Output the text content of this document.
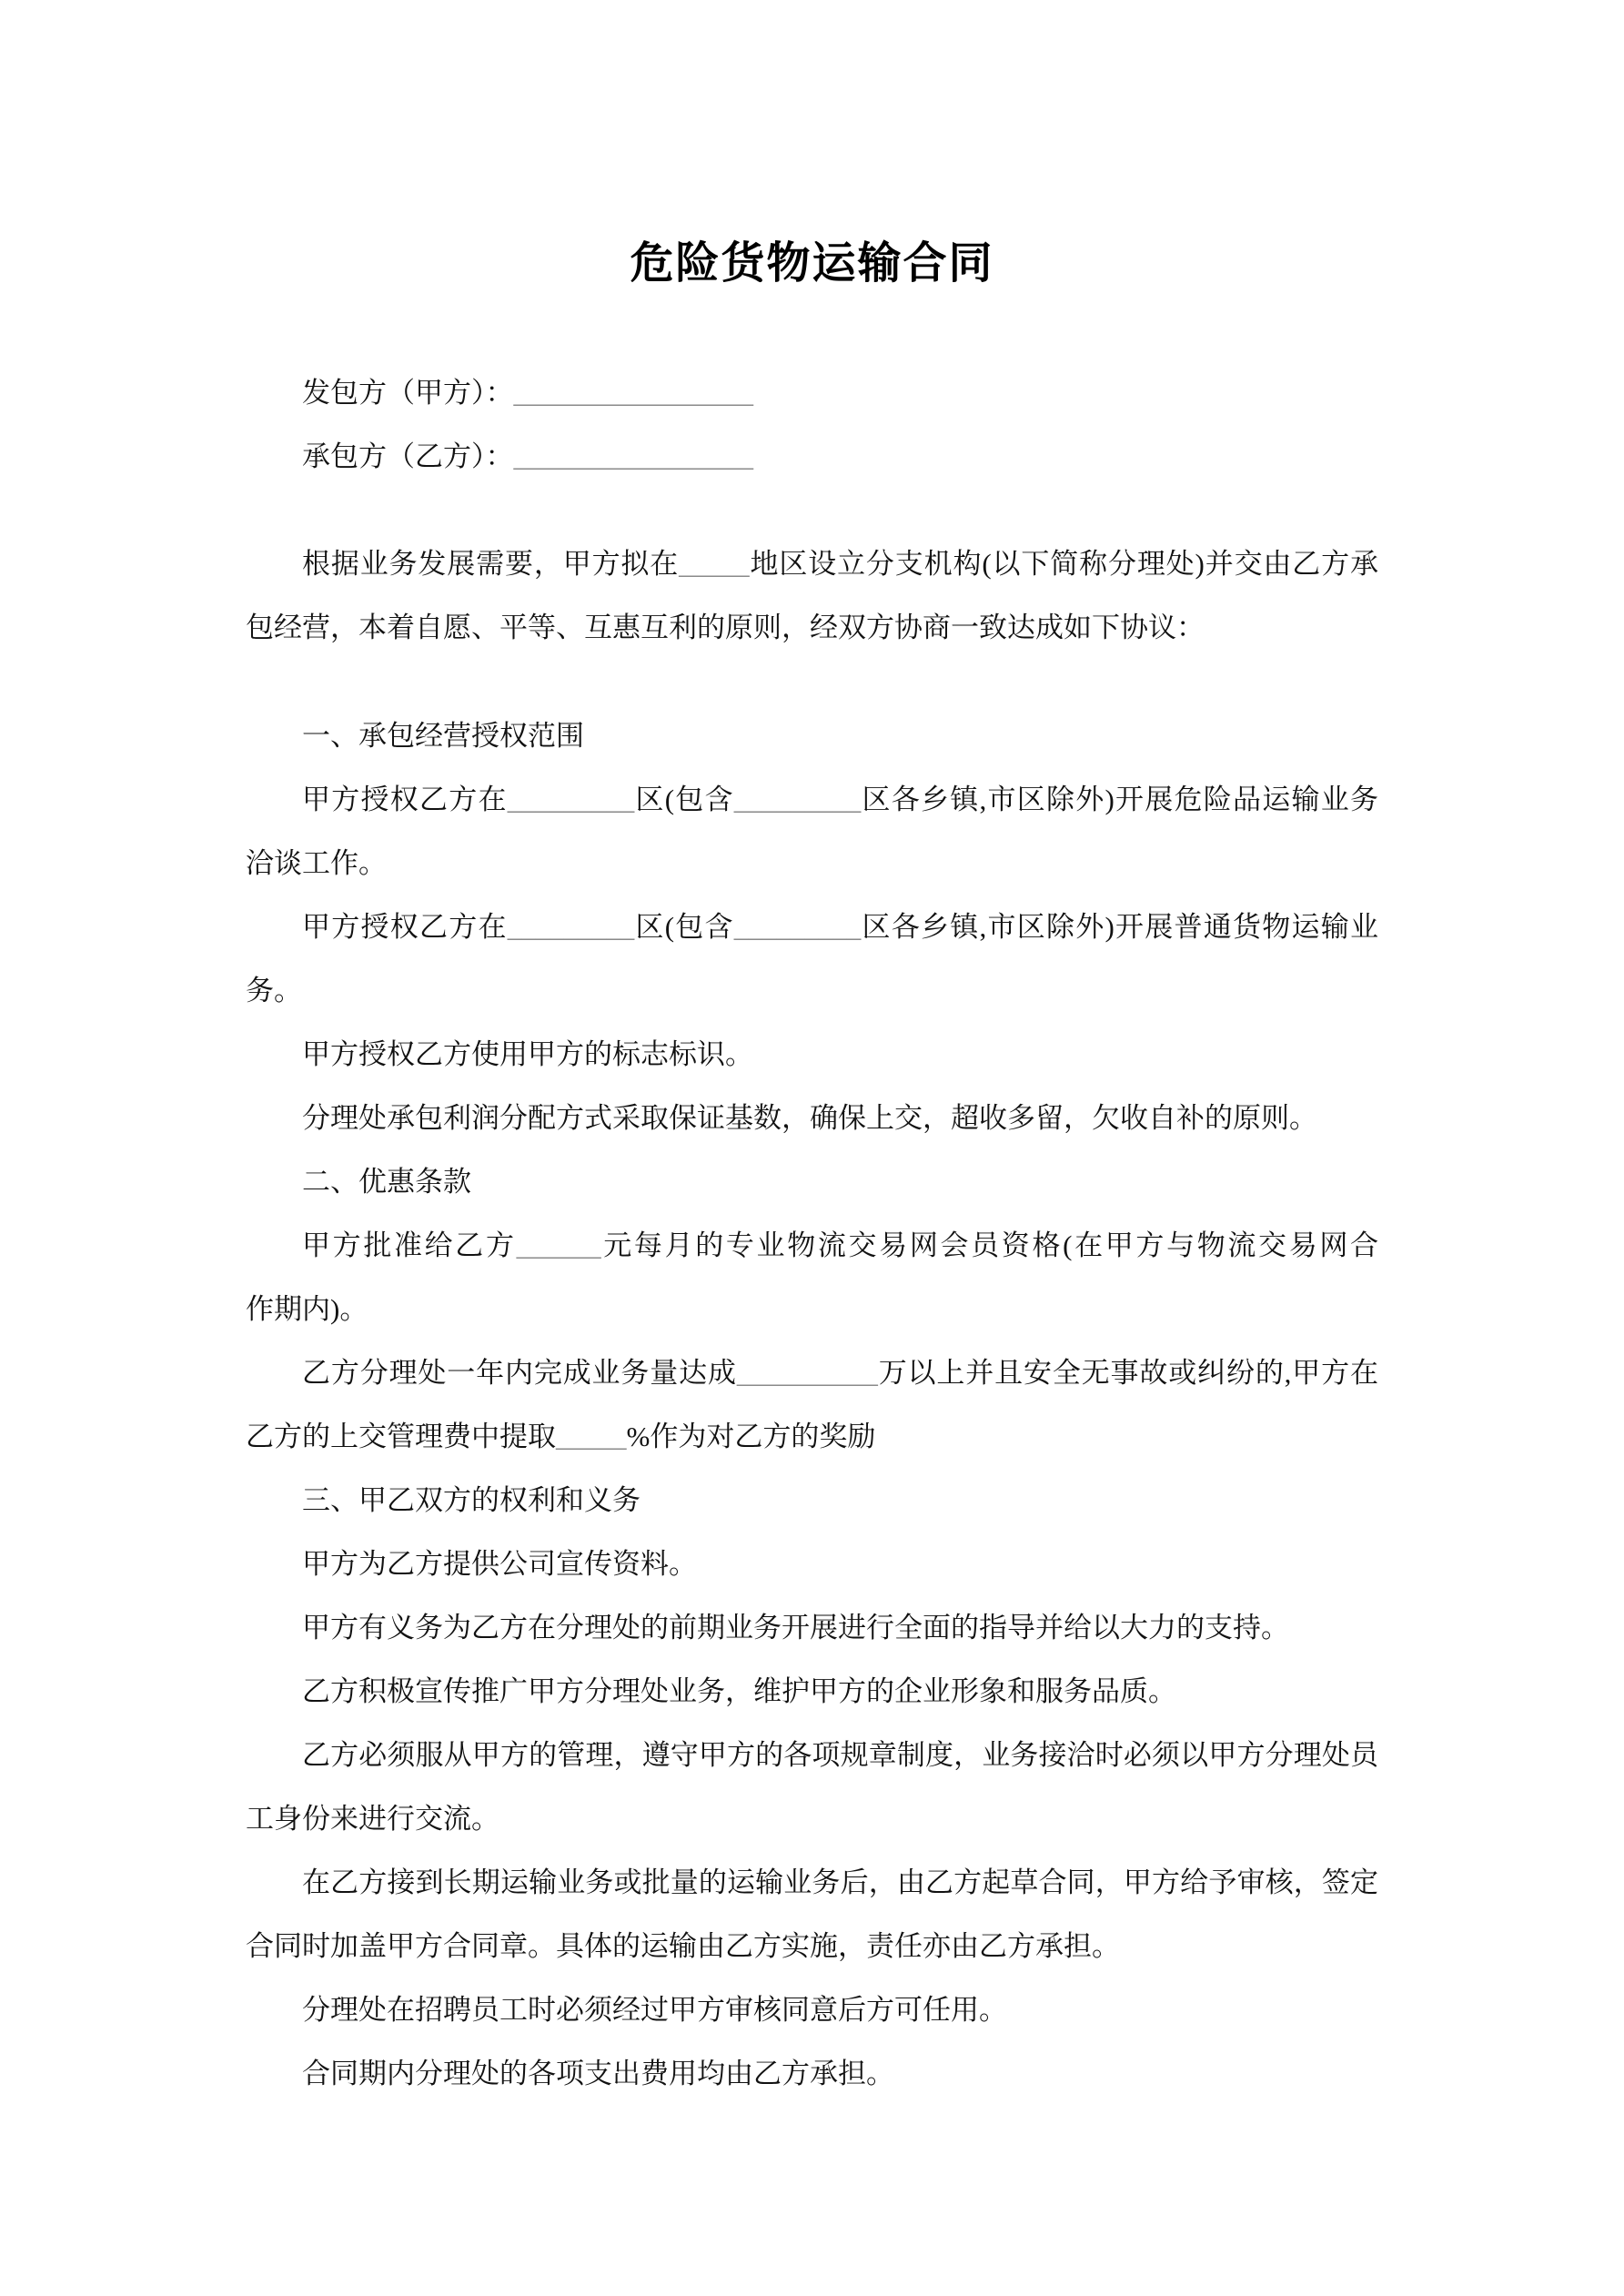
危险货物运输合同
发包方（甲方）：_________________
承包方（乙方）：_________________
根据业务发展需要，甲方拟在_____地区设立分支机构(以下简称分理处)并交由乙方承
包经营，本着自愿、平等、互惠互利的原则，经双方协商一致达成如下协议：
一、承包经营授权范围
甲方授权乙方在_________区(包含_________区各乡镇,市区除外)开展危险品运输业务
洽谈工作。
甲方授权乙方在_________区(包含_________区各乡镇,市区除外)开展普通货物运输业
务。
甲方授权乙方使用甲方的标志标识。
分理处承包利润分配方式采取保证基数，确保上交，超收多留，欠收自补的原则。
二、优惠条款
甲方批准给乙方______元每月的专业物流交易网会员资格(在甲方与物流交易网合
作期内)。
乙方分理处一年内完成业务量达成__________万以上并且安全无事故或纠纷的,甲方在
乙方的上交管理费中提取_____%作为对乙方的奖励
三、甲乙双方的权利和义务
甲方为乙方提供公司宣传资料。
甲方有义务为乙方在分理处的前期业务开展进行全面的指导并给以大力的支持。
乙方积极宣传推广甲方分理处业务，维护甲方的企业形象和服务品质。
乙方必须服从甲方的管理，遵守甲方的各项规章制度，业务接洽时必须以甲方分理处员
工身份来进行交流。
在乙方接到长期运输业务或批量的运输业务后，由乙方起草合同，甲方给予审核，签定
合同时加盖甲方合同章。具体的运输由乙方实施，责任亦由乙方承担。
分理处在招聘员工时必须经过甲方审核同意后方可任用。
合同期内分理处的各项支出费用均由乙方承担。
